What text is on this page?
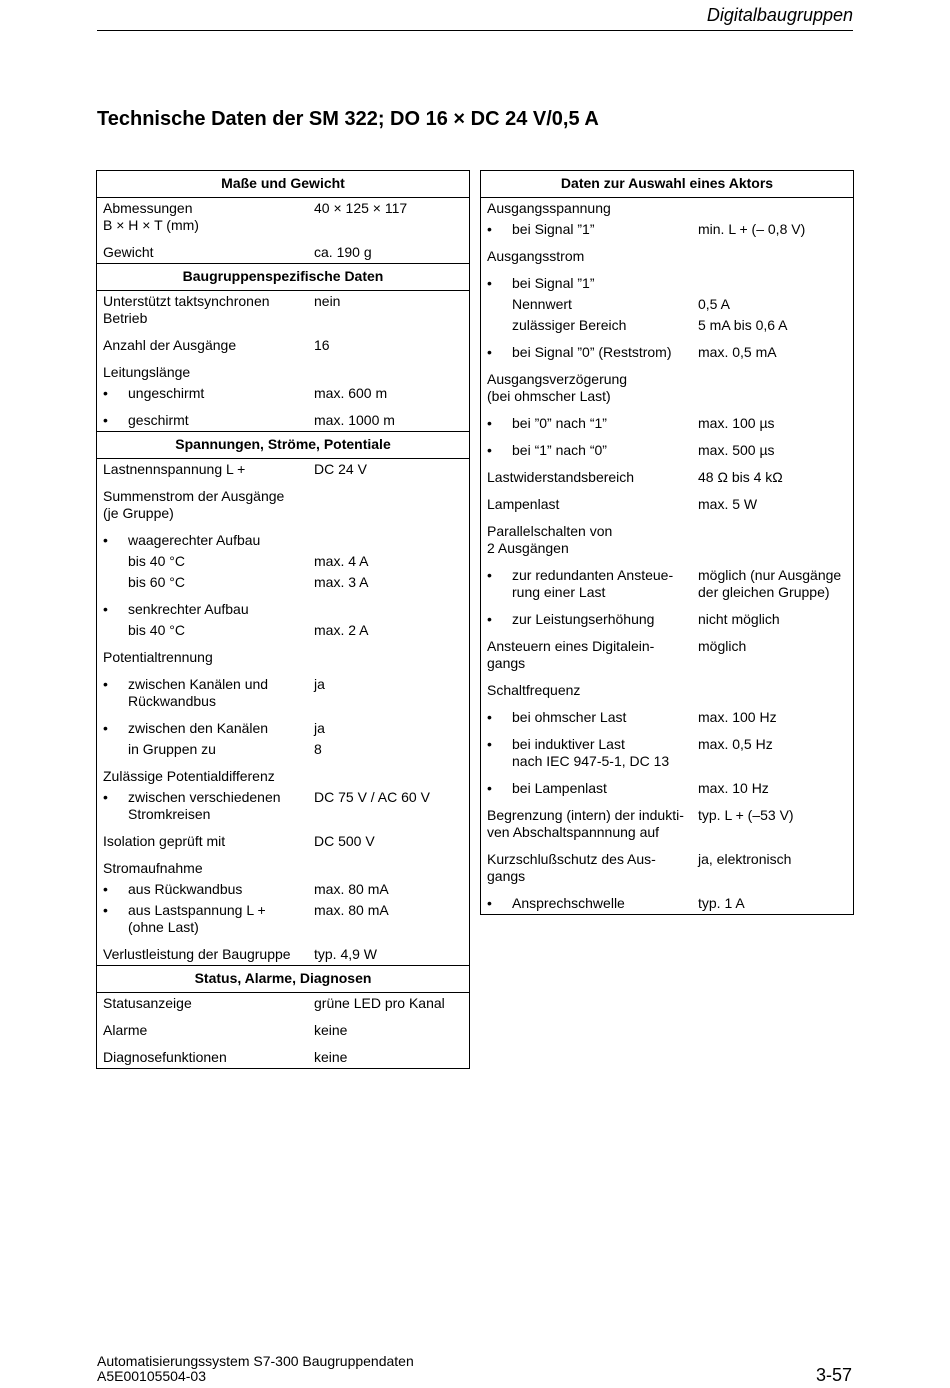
Digitalbaugruppen
Technische Daten der SM 322; DO 16 × DC 24 V/0,5 A
Maße und Gewicht	

Abmessungen
B × H × T (mm)	40 × 125 × 117

Gewicht	ca. 190 g
Baugruppenspezifische Daten	

Unterstützt taktsynchronen
Betrieb	nein

Anzahl der Ausgänge	16

Leitungslänge	

• ungeschirmt	max. 600 m

• geschirmt	max. 1000 m
Spannungen, Ströme, Potentiale	

Lastnennspannung L +	DC 24 V

Summenstrom der Ausgänge
(je Gruppe)	

• waagerechter Aufbau	

bis 40 °C	max. 4 A

bis 60 °C	max. 3 A

• senkrechter Aufbau	

bis 40 °C	max. 2 A

Potentialtrennung	

• zwischen Kanälen und
Rückwandbus	ja

• zwischen den Kanälen	ja

in Gruppen zu	8

Zulässige Potentialdifferenz	

• zwischen verschiedenen
Stromkreisen	DC 75 V / AC 60 V

Isolation geprüft mit	DC 500 V

Stromaufnahme	

• aus Rückwandbus	max. 80 mA

• aus Lastspannung L +
(ohne Last)	max. 80 mA

Verlustleistung der Baugruppe	typ. 4,9 W
Status, Alarme, Diagnosen	

Statusanzeige	grüne LED pro Kanal

Alarme	keine

Diagnosefunktionen	keine
Daten zur Auswahl eines Aktors	

Ausgangsspannung	

• bei Signal ”1”	min. L + (– 0,8 V)

Ausgangsstrom	

• bei Signal ”1”	

Nennwert	0,5 A

zulässiger Bereich	5 mA bis 0,6 A

• bei Signal ”0” (Reststrom)	max. 0,5 mA

Ausgangsverzögerung
(bei ohmscher Last)	

• bei ”0” nach “1”	max. 100 µs

• bei “1” nach “0”	max. 500 µs

Lastwiderstandsbereich	48 Ω bis 4 kΩ

Lampenlast	max. 5 W

Parallelschalten von
2 Ausgängen	

• zur redundanten Ansteue-
rung einer Last	möglich (nur Ausgänge
der gleichen Gruppe)

• zur Leistungserhöhung	nicht möglich

Ansteuern eines Digitalein-
gangs	möglich

Schaltfrequenz	

• bei ohmscher Last	max. 100 Hz

• bei induktiver Last
nach IEC 947-5-1, DC 13	max. 0,5 Hz

• bei Lampenlast	max. 10 Hz

Begrenzung (intern) der indukti-
ven Abschaltspannnung auf	typ. L + (–53 V)

Kurzschlußschutz des Aus-
gangs	ja, elektronisch

• Ansprechschwelle	typ. 1 A
Automatisierungssystem S7-300 Baugruppendaten
A5E00105504-03	3-57
